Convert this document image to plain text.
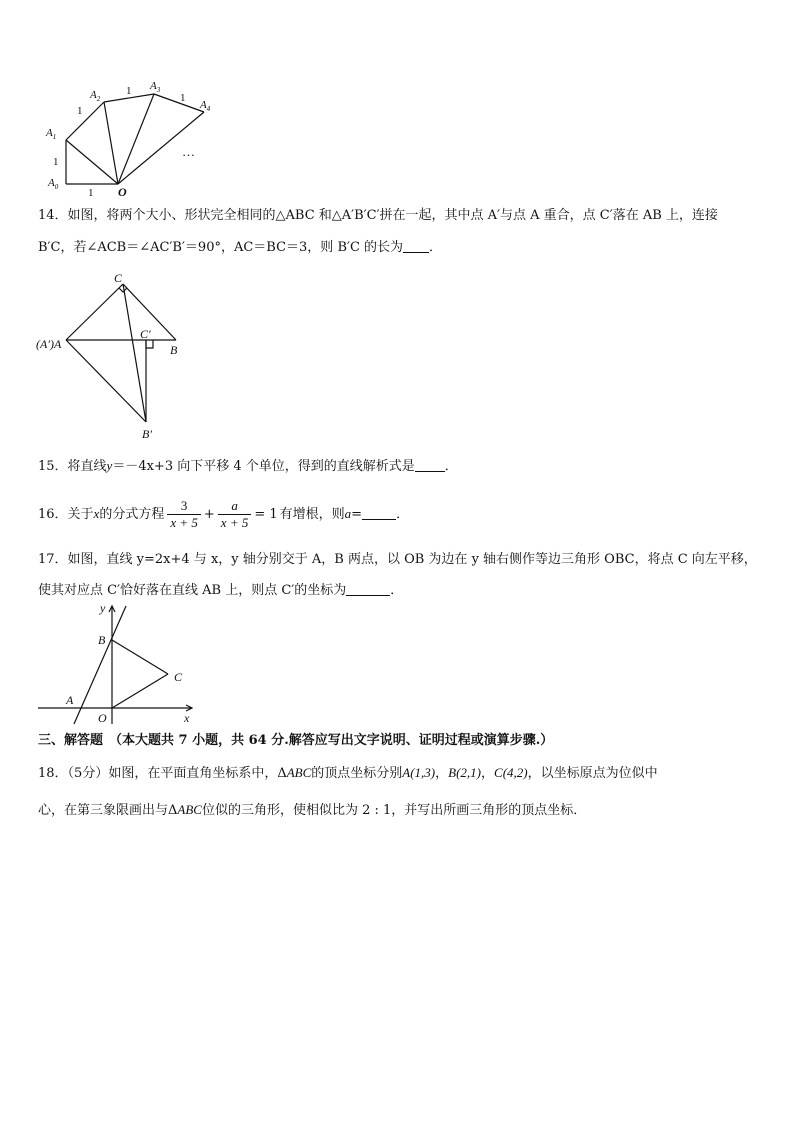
$A_0$
$A_1$
$A_2$
$A_3$
$A_4$
O
1
1
1
1
1
…
14．如图，将两个大小、形状完全相同的△ABC 和△A′B′C′拼在一起，其中点 A′与点 A 重合，点 C′落在 AB 上，连接
B′C，若∠ACB＝∠AC′B′＝90°，AC＝BC＝3，则 B′C 的长为 ．
C
C′
(A′)A	B
B′
15．将直线y＝－4x+3 向下平移 4 个单位，得到的直线解析式是 ．
16．关于x的分式方程 $\frac{3}{x + 5} + \frac{a}{x + 5} = 1$ 有增根，则a=	．
17．如图，直线 y=2x+4 与 x，y 轴分别交于 A，B 两点，以 OB 为边在 y 轴右侧作等边三角形 OBC，将点 C 向左平移，
使其对应点 C′恰好落在直线 AB 上，则点 C′的坐标为	．
y
x
B
C
A
O
三、解答题 （本大题共 7 小题，共 64 分.解答应写出文字说明、证明过程或演算步骤.）
18．（5分）如图，在平面直角坐标系中，ΔABC的顶点坐标分别A(1,3)，B(2,1)，C(4,2)，以坐标原点为位似中
心，在第三象限画出与ΔABC位似的三角形，使相似比为 2 : 1，并写出所画三角形的顶点坐标．
